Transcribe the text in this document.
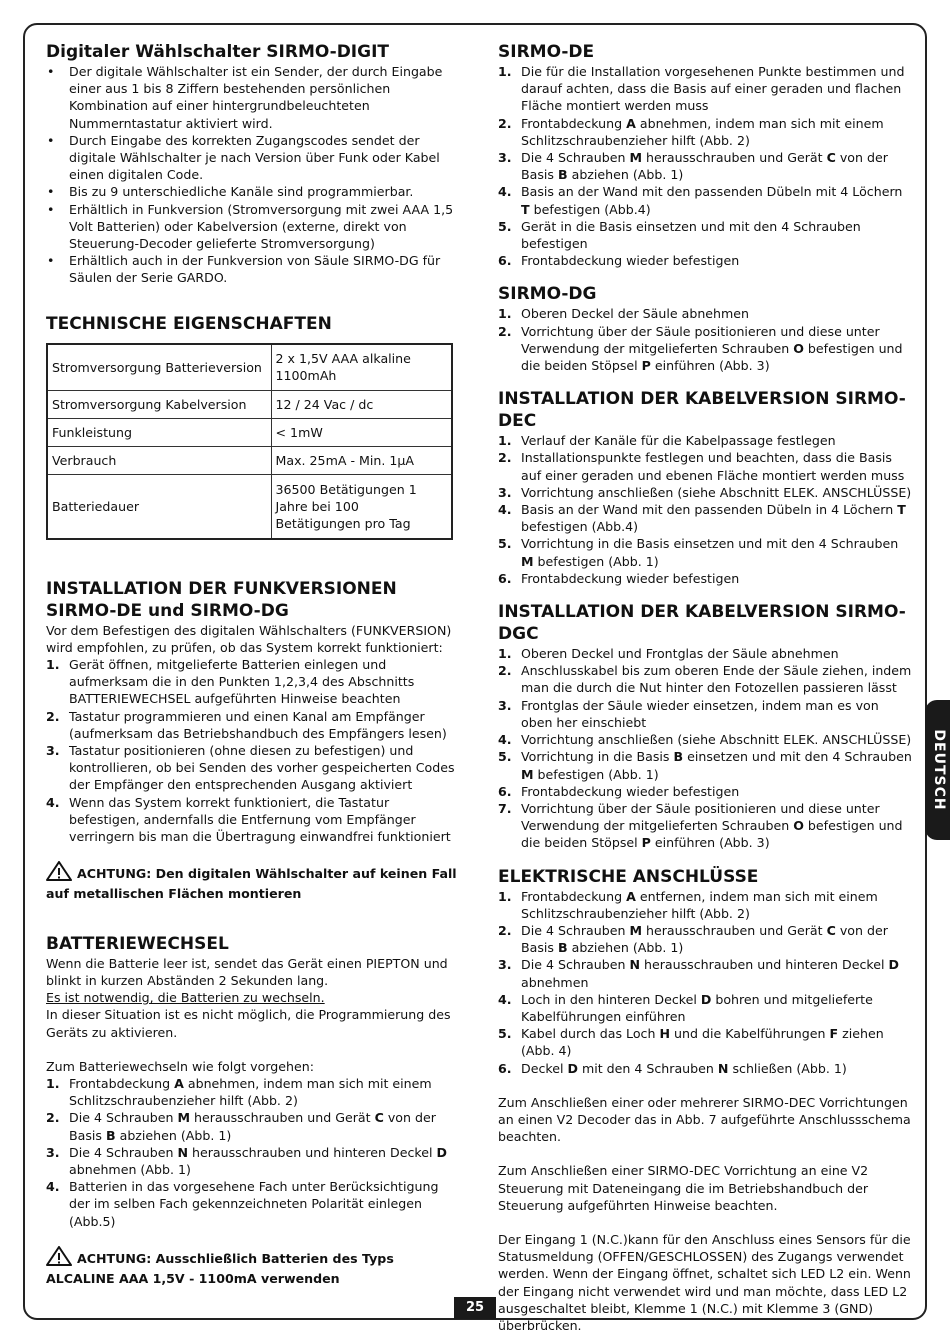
Digitaler Wählschalter SIRMO-DIGIT
• Der digitale Wählschalter ist ein Sender, der durch Eingabe einer aus 1 bis 8 Ziffern bestehenden persönlichen Kombination auf einer hintergrundbeleuchteten Nummerntastatur aktiviert wird.
• Durch Eingabe des korrekten Zugangscodes sendet der digitale Wählschalter je nach Version über Funk oder Kabel einen digitalen Code.
• Bis zu 9 unterschiedliche Kanäle sind programmierbar.
• Erhältlich in Funkversion (Stromversorgung mit zwei AAA 1,5 Volt Batterien) oder Kabelversion (externe, direkt von Steuerung-Decoder gelieferte Stromversorgung)
• Erhältlich auch in der Funkversion von Säule SIRMO-DG für Säulen der Serie GARDO.
TECHNISCHE EIGENSCHAFTEN
Stromversorgung Batterieversion	2 x 1,5V AAA alkaline 1100mAh
Stromversorgung Kabelversion	12 / 24 Vac / dc
Funkleistung	< 1mW
Verbrauch	Max. 25mA - Min. 1µA
Batteriedauer	36500 Betätigungen 1 Jahre bei 100 Betätigungen pro Tag
INSTALLATION DER FUNKVERSIONEN
SIRMO-DE und SIRMO-DG

Vor dem Befestigen des digitalen Wählschalters (FUNKVERSION) wird empfohlen, zu prüfen, ob das System korrekt funktioniert:

1. Gerät öffnen, mitgelieferte Batterien einlegen und aufmerksam die in den Punkten 1,2,3,4 des Abschnitts BATTERIEWECHSEL aufgeführten Hinweise beachten
2. Tastatur programmieren und einen Kanal am Empfänger (aufmerksam das Betriebshandbuch des Empfängers lesen)
3. Tastatur positionieren (ohne diesen zu befestigen) und kontrollieren, ob bei Senden des vorher gespeicherten Codes der Empfänger den entsprechenden Ausgang aktiviert
4. Wenn das System korrekt funktioniert, die Tastatur befestigen, andernfalls die Entfernung vom Empfänger verringern bis man die Übertragung einwandfrei funktioniert

ACHTUNG: Den digitalen Wählschalter auf keinen Fall auf metallischen Flächen montieren

BATTERIEWECHSEL

Wenn die Batterie leer ist, sendet das Gerät einen PIEPTON und blinkt in kurzen Abständen 2 Sekunden lang.

Es ist notwendig, die Batterien zu wechseln.

In dieser Situation ist es nicht möglich, die Programmierung des Geräts zu aktivieren.

Zum Batteriewechseln wie folgt vorgehen:

1. Frontabdeckung A abnehmen, indem man sich mit einem Schlitzschraubenzieher hilft (Abb. 2)
2. Die 4 Schrauben M herausschrauben und Gerät C von der Basis B abziehen (Abb. 1)
3. Die 4 Schrauben N herausschrauben und hinteren Deckel D abnehmen (Abb. 1)
4. Batterien in das vorgesehene Fach unter Berücksichtigung der im selben Fach gekennzeichneten Polarität einlegen (Abb.5)

ACHTUNG: Ausschließlich Batterien des Typs ALCALINE AAA 1,5V - 1100mA verwenden

SIRMO-DE
1. Die für die Installation vorgesehenen Punkte bestimmen und darauf achten, dass die Basis auf einer geraden und flachen Fläche montiert werden muss
2. Frontabdeckung A abnehmen, indem man sich mit einem Schlitzschraubenzieher hilft (Abb. 2)
3. Die 4 Schrauben M herausschrauben und Gerät C von der Basis B abziehen (Abb. 1)
4. Basis an der Wand mit den passenden Dübeln mit 4 Löchern T befestigen (Abb.4)
5. Gerät in die Basis einsetzen und mit den 4 Schrauben befestigen
6. Frontabdeckung wieder befestigen
SIRMO-DG
1. Oberen Deckel der Säule abnehmen
2. Vorrichtung über der Säule positionieren und diese unter Verwendung der mitgelieferten Schrauben O befestigen und die beiden Stöpsel P einführen (Abb. 3)
INSTALLATION DER KABELVERSION SIRMO-DEC
1. Verlauf der Kanäle für die Kabelpassage festlegen
2. Installationspunkte festlegen und beachten, dass die Basis auf einer geraden und ebenen Fläche montiert werden muss
3. Vorrichtung anschließen (siehe Abschnitt ELEK. ANSCHLÜSSE)
4. Basis an der Wand mit den passenden Dübeln in 4 Löchern T befestigen (Abb.4)
5. Vorrichtung in die Basis einsetzen und mit den 4 Schrauben M befestigen (Abb. 1)
6. Frontabdeckung wieder befestigen
INSTALLATION DER KABELVERSION SIRMO-DGC
1. Oberen Deckel und Frontglas der Säule abnehmen
2. Anschlusskabel bis zum oberen Ende der Säule ziehen, indem man die durch die Nut hinter den Fotozellen passieren lässt
3. Frontglas der Säule wieder einsetzen, indem man es von oben her einschiebt
4. Vorrichtung anschließen (siehe Abschnitt ELEK. ANSCHLÜSSE)
5. Vorrichtung in die Basis B einsetzen und mit den 4 Schrauben M befestigen (Abb. 1)
6. Frontabdeckung wieder befestigen
7. Vorrichtung über der Säule positionieren und diese unter Verwendung der mitgelieferten Schrauben O befestigen und die beiden Stöpsel P einführen (Abb. 3)
ELEKTRISCHE ANSCHLÜSSE
1. Frontabdeckung A entfernen, indem man sich mit einem Schlitzschraubenzieher hilft (Abb. 2)
2. Die 4 Schrauben M herausschrauben und Gerät C von der Basis B abziehen (Abb. 1)
3. Die 4 Schrauben N herausschrauben und hinteren Deckel D abnehmen
4. Loch in den hinteren Deckel D bohren und mitgelieferte Kabelführungen einführen
5. Kabel durch das Loch H und die Kabelführungen F ziehen (Abb. 4)
6. Deckel D mit den 4 Schrauben N schließen (Abb. 1)

Zum Anschließen einer oder mehrerer SIRMO-DEC Vorrichtungen an einen V2 Decoder das in Abb. 7 aufgeführte Anschlussschema beachten.

Zum Anschließen einer SIRMO-DEC Vorrichtung an eine V2 Steuerung mit Dateneingang die im Betriebshandbuch der Steuerung aufgeführten Hinweise beachten.

Der Eingang 1 (N.C.)kann für den Anschluss eines Sensors für die Statusmeldung (OFFEN/GESCHLOSSEN) des Zugangs verwendet werden. Wenn der Eingang öffnet, schaltet sich LED L2 ein. Wenn der Eingang nicht verwendet wird und man möchte, dass LED L2 ausgeschaltet bleibt, Klemme 1 (N.C.) mit Klemme 3 (GND) überbrücken.

DEUTSCH
25
